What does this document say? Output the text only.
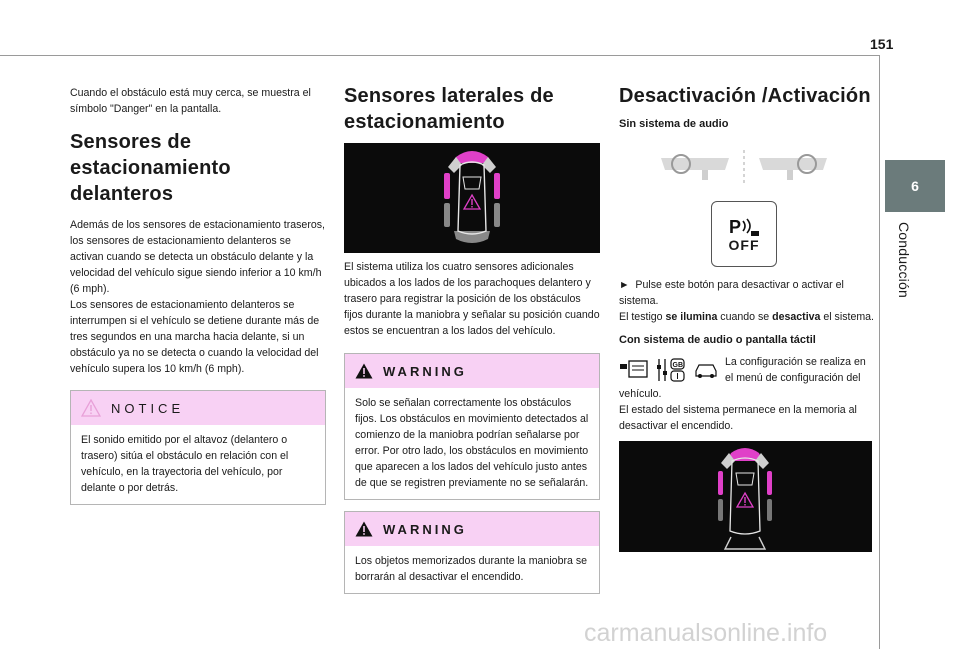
151
6
Conducción

Cuando el obstáculo está muy cerca, se muestra el símbolo "Danger" en la pantalla.

Sensores de estacionamiento delanteros

Además de los sensores de estacionamiento traseros, los sensores de estacionamiento delanteros se activan cuando se detecta un obstáculo delante y la velocidad del vehículo sigue siendo inferior a 10 km/h (6 mph).

Los sensores de estacionamiento delanteros se interrumpen si el vehículo se detiene durante más de tres segundos en una marcha hacia delante, si un obstáculo ya no se detecta o cuando la velocidad del vehículo supera los 10 km/h (6 mph).

NOTICE

El sonido emitido por el altavoz (delantero o trasero) sitúa el obstáculo en relación con el vehículo, en la trayectoria del vehículo, por delante o por detrás.

Sensores laterales de estacionamiento

El sistema utiliza los cuatro sensores adicionales ubicados a los lados de los parachoques delantero y trasero para registrar la posición de los obstáculos fijos durante la maniobra y señalar su posición cuando estos se encuentran a los lados del vehículo.

WARNING

Solo se señalan correctamente los obstáculos fijos. Los obstáculos en movimiento detectados al comienzo de la maniobra podrían señalarse por error. Por otro lado, los obstáculos en movimiento que aparecen a los lados del vehículo justo antes de que se registren previamente no se señalarán.

WARNING

Los objetos memorizados durante la maniobra se borrarán al desactivar el encendido.

Desactivación /Activación
Sin sistema de audio
P
OFF

► Pulse este botón para desactivar o activar el sistema.

El testigo se ilumina cuando se desactiva el sistema.

Con sistema de audio o pantalla táctil
GB	La configuración se realiza en el menú de configuración del

vehículo.

El estado del sistema permanece en la memoria al desactivar el encendido.

carmanualsonline.info
